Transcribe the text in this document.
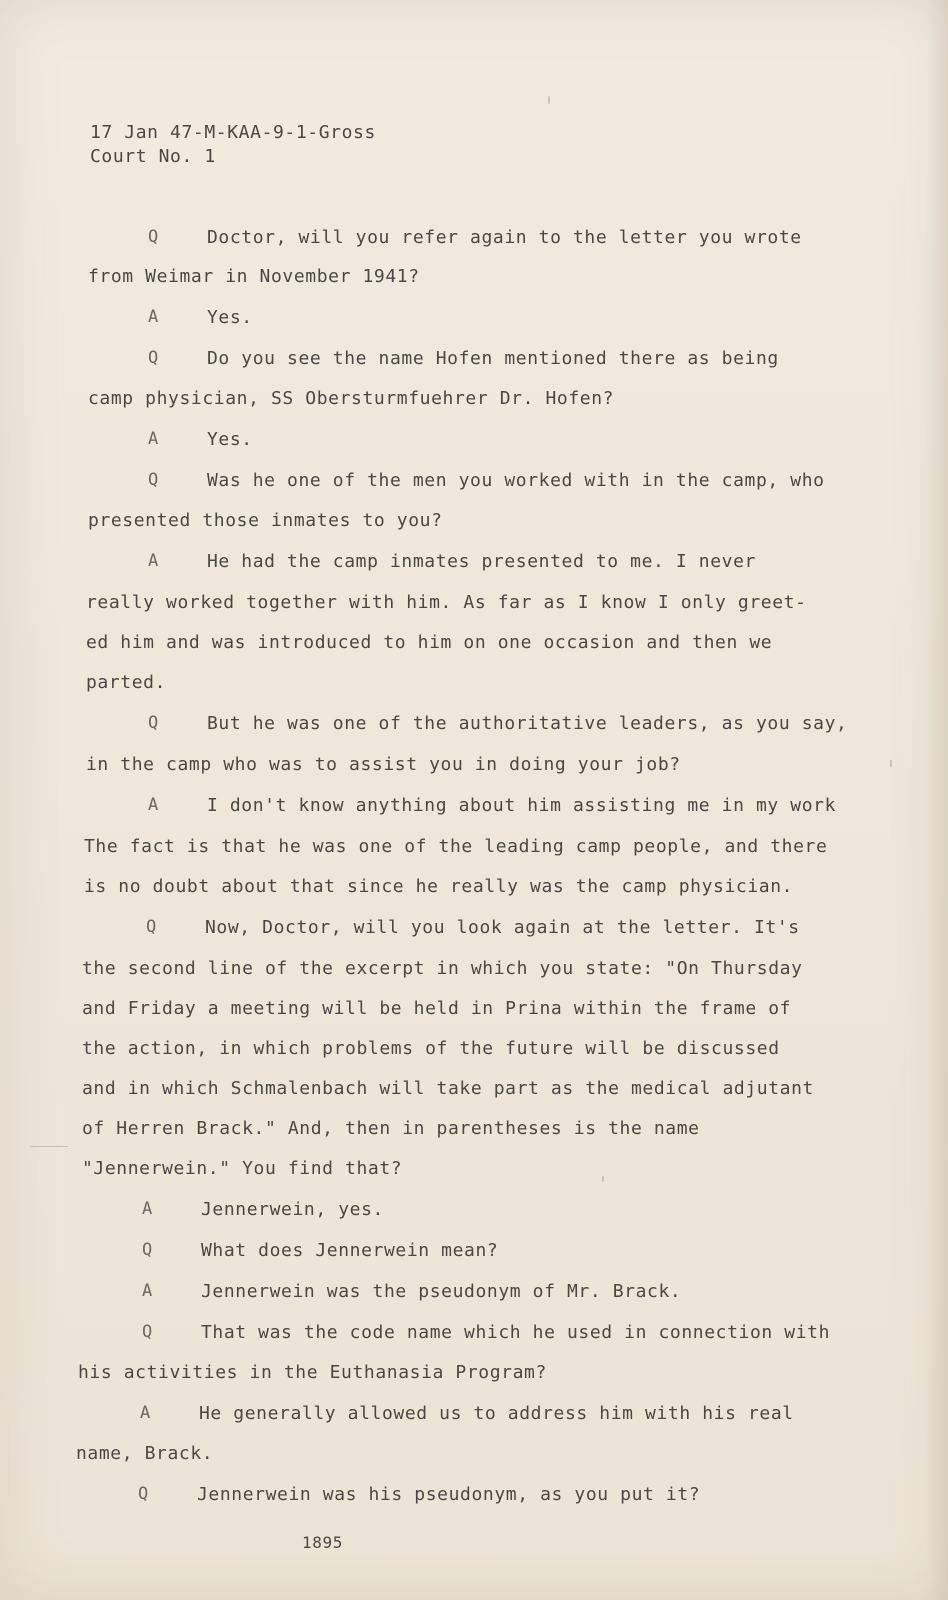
17 Jan 47-M-KAA-9-1-Gross

Court No. 1

Q	Doctor, will you refer again to the letter you wrote

from Weimar in November 1941?

A	Yes.

Q	Do you see the name Hofen mentioned there as being

camp physician, SS Obersturmfuehrer Dr. Hofen?

A	Yes.

Q	Was he one of the men you worked with in the camp, who

presented those inmates to you?

A	He had the camp inmates presented to me. I never

really worked together with him. As far as I know I only greet-

ed him and was introduced to him on one occasion and then we

parted.

Q	But he was one of the authoritative leaders, as you say,

in the camp who was to assist you in doing your job?

A	I don't know anything about him assisting me in my work

The fact is that he was one of the leading camp people, and there

is no doubt about that since he really was the camp physician.

Q	Now, Doctor, will you look again at the letter. It's

the second line of the excerpt in which you state: "On Thursday

and Friday a meeting will be held in Prina within the frame of

the action, in which problems of the future will be discussed

and in which Schmalenbach will take part as the medical adjutant

of Herren Brack." And, then in parentheses is the name

"Jennerwein." You find that?

A	Jennerwein, yes.

Q	What does Jennerwein mean?

A	Jennerwein was the pseudonym of Mr. Brack.

Q	That was the code name which he used in connection with

his activities in the Euthanasia Program?

A	He generally allowed us to address him with his real

name, Brack.

Q	Jennerwein was his pseudonym, as you put it?

1895
